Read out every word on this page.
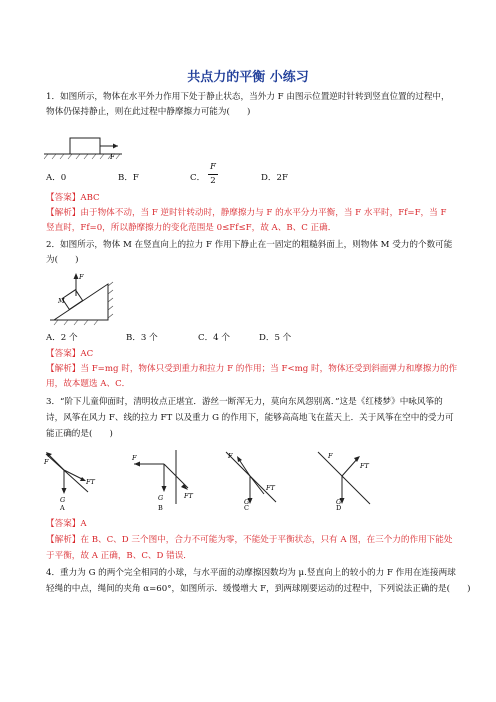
共点力的平衡 小练习
1．如图所示，物体在水平外力作用下处于静止状态，当外力 F 由图示位置逆时针转到竖直位置的过程中，
物体仍保持静止，则在此过程中静摩擦力可能为(　　)
F
A．0	B．F	C．
F
2	D．2F
【答案】ABC
【解析】由于物体不动，当 F 逆时针转动时，静摩擦力与 F 的水平分力平衡，当 F 水平时，Ff=F，当 F
竖直时，Ff=0，所以静摩擦力的变化范围是 0≤Ff≤F，故 A、B、C 正确．
2．如图所示，物体 M 在竖直向上的拉力 F 作用下静止在一固定的粗糙斜面上，则物体 M 受力的个数可能
为(　　)
F
M
A．2 个	B．3 个	C．4 个	D．5 个
【答案】AC
【解析】当 F=mg 时，物体只受到重力和拉力 F 的作用；当 F<mg 时，物体还受到斜面弹力和摩擦力的作
用，故本题选 A、C．
3．“阶下儿童仰面时，清明妆点正堪宜．游丝一断浑无力，莫向东风怨别离．”这是《红楼梦》中咏风筝的
诗，风筝在风力 F、线的拉力 FT 以及重力 G 的作用下，能够高高地飞在蓝天上．关于风筝在空中的受力可
能正确的是(　　)
F
FT
G
A
F
FT
G
B
F
FT
G
C
F
FT
G
D
【答案】A
【解析】在 B、C、D 三个图中，合力不可能为零，不能处于平衡状态，只有 A 图，在三个力的作用下能处
于平衡，故 A 正确，B、C、D 错误．
4．重力为 G 的两个完全相同的小球，与水平面的动摩擦因数均为 μ.竖直向上的较小的力 F 作用在连接两球
轻绳的中点，绳间的夹角 α=60°，如图所示．缓慢增大 F，到两球刚要运动的过程中，下列说法正确的是(　　)
